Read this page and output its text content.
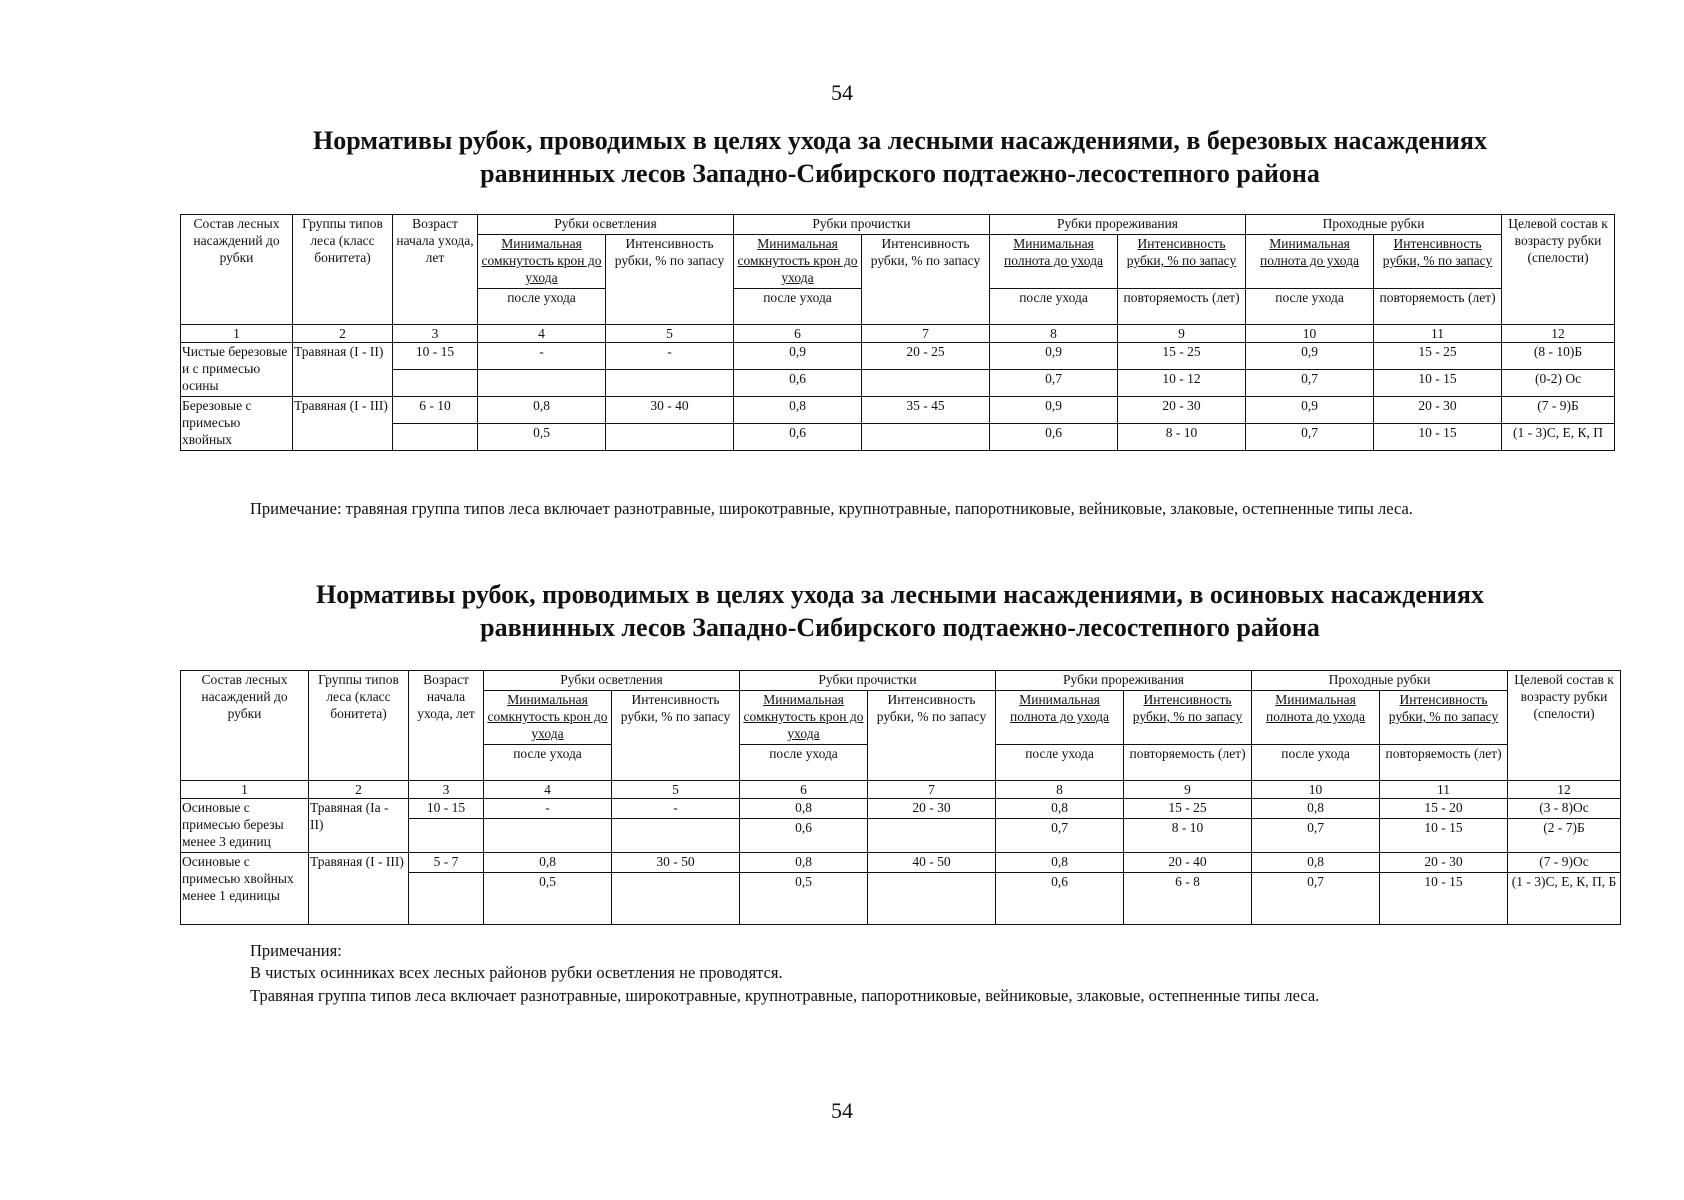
54
Нормативы рубок, проводимых в целях ухода за лесными насаждениями, в березовых насаждениях
равнинных лесов Западно-Сибирского подтаежно-лесостепного района
Состав лесных насаждений до рубки	Группы типов леса (класс бонитета)	Возраст начала ухода, лет	Рубки осветления		Рубки прочистки		Рубки прореживания		Проходные рубки		Целевой состав к возрасту рубки (спелости)
			Минимальная сомкнутость крон до ухода	Интенсивность рубки, % по запасу	Минимальная сомкнутость крон до ухода	Интенсивность рубки, % по запасу	Минимальная полнота до ухода	Интенсивность рубки, % по запасу	Минимальная полнота до ухода	Интенсивность рубки, % по запасу	
			после ухода		после ухода		после ухода	повторяемость (лет)	после ухода	повторяемость (лет)	
1	2	3	4	5	6	7	8	9	10	11	12
Чистые березовые и с примесью осины	Травяная (I - II)	10 - 15	-	-	0,9	20 - 25	0,9	15 - 25	0,9	15 - 25	(8 - 10)Б
					0,6		0,7	10 - 12	0,7	10 - 15	(0-2) Ос
Березовые с примесью хвойных	Травяная (I - III)	6 - 10	0,8	30 - 40	0,8	35 - 45	0,9	20 - 30	0,9	20 - 30	(7 - 9)Б
			0,5		0,6		0,6	8 - 10	0,7	10 - 15	(1 - 3)С, Е, К, П
Примечание: травяная группа типов леса включает разнотравные, широкотравные, крупнотравные, папоротниковые, вейниковые, злаковые, остепненные типы леса.
Нормативы рубок, проводимых в целях ухода за лесными насаждениями, в осиновых насаждениях
равнинных лесов Западно-Сибирского подтаежно-лесостепного района
Состав лесных насаждений до рубки	Группы типов леса (класс бонитета)	Возраст начала ухода, лет	Рубки осветления		Рубки прочистки		Рубки прореживания		Проходные рубки		Целевой состав к возрасту рубки (спелости)
			Минимальная сомкнутость крон до ухода	Интенсивность рубки, % по запасу	Минимальная сомкнутость крон до ухода	Интенсивность рубки, % по запасу	Минимальная полнота до ухода	Интенсивность рубки, % по запасу	Минимальная полнота до ухода	Интенсивность рубки, % по запасу	
			после ухода		после ухода		после ухода	повторяемость (лет)	после ухода	повторяемость (лет)	
1	2	3	4	5	6	7	8	9	10	11	12
Осиновые с примесью березы менее 3 единиц	Травяная (Ia - II)	10 - 15	-	-	0,8	20 - 30	0,8	15 - 25	0,8	15 - 20	(3 - 8)Ос
					0,6		0,7	8 - 10	0,7	10 - 15	(2 - 7)Б
Осиновые с примесью хвойных менее 1 единицы	Травяная (I - III)	5 - 7	0,8	30 - 50	0,8	40 - 50	0,8	20 - 40	0,8	20 - 30	(7 - 9)Ос
			0,5		0,5		0,6	6 - 8	0,7	10 - 15	(1 - 3)С, Е, К, П, Б
Примечания:
В чистых осинниках всех лесных районов рубки осветления не проводятся.
Травяная группа типов леса включает разнотравные, широкотравные, крупнотравные, папоротниковые, вейниковые, злаковые, остепненные типы леса.
54
